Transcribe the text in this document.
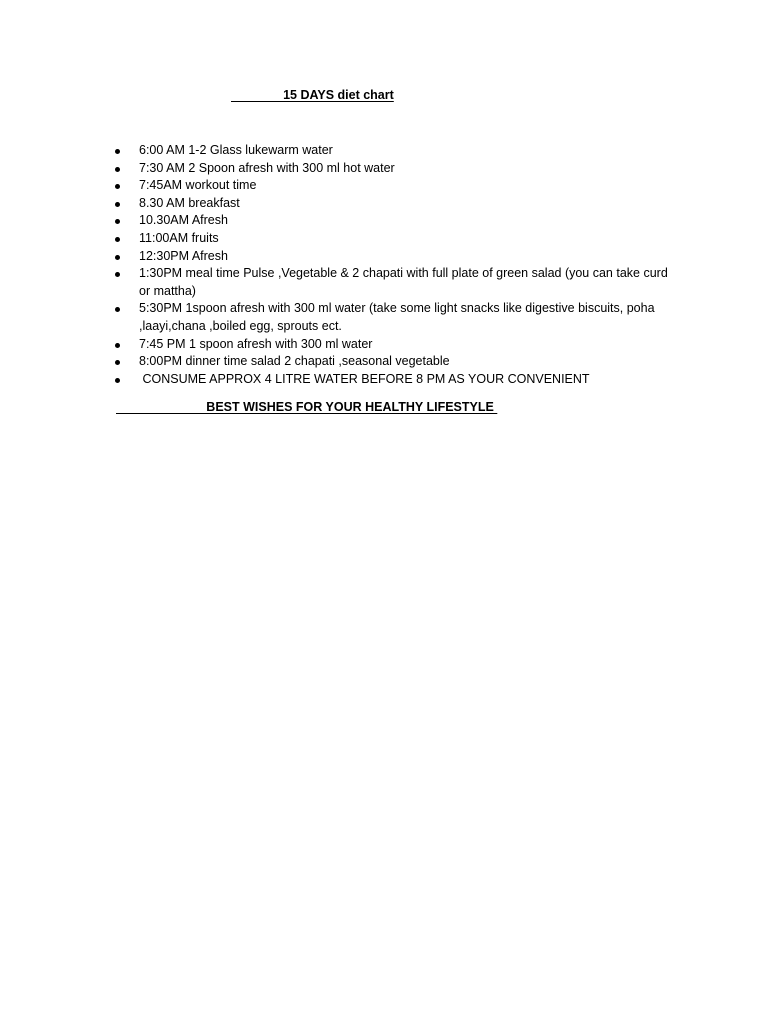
15 DAYS diet chart
6:00 AM 1-2 Glass lukewarm water
7:30 AM 2 Spoon afresh with 300 ml hot water
7:45AM workout time
8.30 AM breakfast
10.30AM Afresh
11:00AM fruits
12:30PM Afresh
1:30PM meal time Pulse ,Vegetable & 2 chapati with full plate of green salad (you can take curd or mattha)
5:30PM 1spoon afresh with 300 ml water (take some light snacks like digestive biscuits, poha ,laayi,chana ,boiled egg, sprouts ect.
7:45 PM 1 spoon afresh with 300 ml water
8:00PM dinner time salad 2 chapati ,seasonal vegetable
CONSUME APPROX 4 LITRE WATER BEFORE 8 PM AS YOUR CONVENIENT
BEST WISHES FOR YOUR HEALTHY LIFESTYLE
